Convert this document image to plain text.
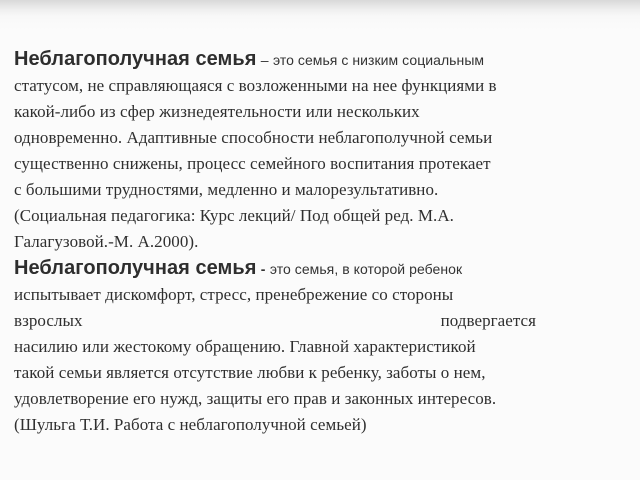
Неблагополучная семья – это семья с низким социальным
статусом, не справляющаяся с возложенными на нее функциями в
какой-либо из сфер жизнедеятельности или нескольких
одновременно. Адаптивные способности неблагополучной семьи
существенно снижены, процесс семейного воспитания протекает
с большими трудностями, медленно и малорезультативно.
(Социальная педагогика: Курс лекций/ Под общей ред. М.А.
Галагузовой.-М. А.2000).

Неблагополучная семья - это семья, в которой ребенок
испытывает дискомфорт, стресс, пренебрежение со стороны
взрослых	подвергается
насилию или жестокому обращению. Главной характеристикой
такой семьи является отсутствие любви к ребенку, заботы о нем,
удовлетворение его нужд, защиты его прав и законных интересов.
(Шульга Т.И. Работа с неблагополучной семьей)
